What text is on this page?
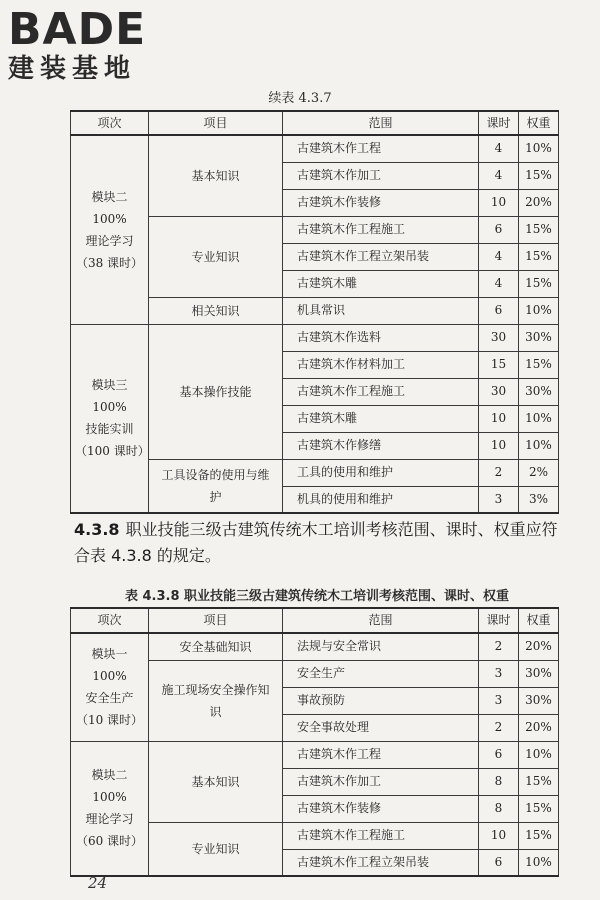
BADE
建装基地
续表 4.3.7
项次	项目	范围	课时	权重

模块二 100%
理论学习
（38 课时）	基本知识	古建筑木作工程	4	10%
		古建筑木作加工	4	15%
		古建筑木作装修	10	20%
	专业知识	古建筑木作工程施工	6	15%
		古建筑木作工程立架吊装	4	15%
		古建筑木雕	4	15%
	相关知识	机具常识	6	10%

模块三 100%
技能实训
（100 课时）	基本操作技能	古建筑木作选料	30	30%
		古建筑木作材料加工	15	15%
		古建筑木作工程施工	30	30%
		古建筑木雕	10	10%
		古建筑木作修缮	10	10%
	工具设备的使用与维护	工具的使用和维护	2	2%
		机具的使用和维护	3	3%
4.3.8 职业技能三级古建筑传统木工培训考核范围、课时、权重应符合表 4.3.8 的规定。
表 4.3.8 职业技能三级古建筑传统木工培训考核范围、课时、权重
项次	项目	范围	课时	权重

模块一 100%
安全生产
（10 课时）	安全基础知识	法规与安全常识	2	20%
	施工现场安全操作知识	安全生产	3	30%
		事故预防	3	30%
		安全事故处理	2	20%

模块二 100%
理论学习
（60 课时）	基本知识	古建筑木作工程	6	10%
		古建筑木作加工	8	15%
		古建筑木作装修	8	15%
	专业知识	古建筑木作工程施工	10	15%
		古建筑木作工程立架吊装	6	10%
24
